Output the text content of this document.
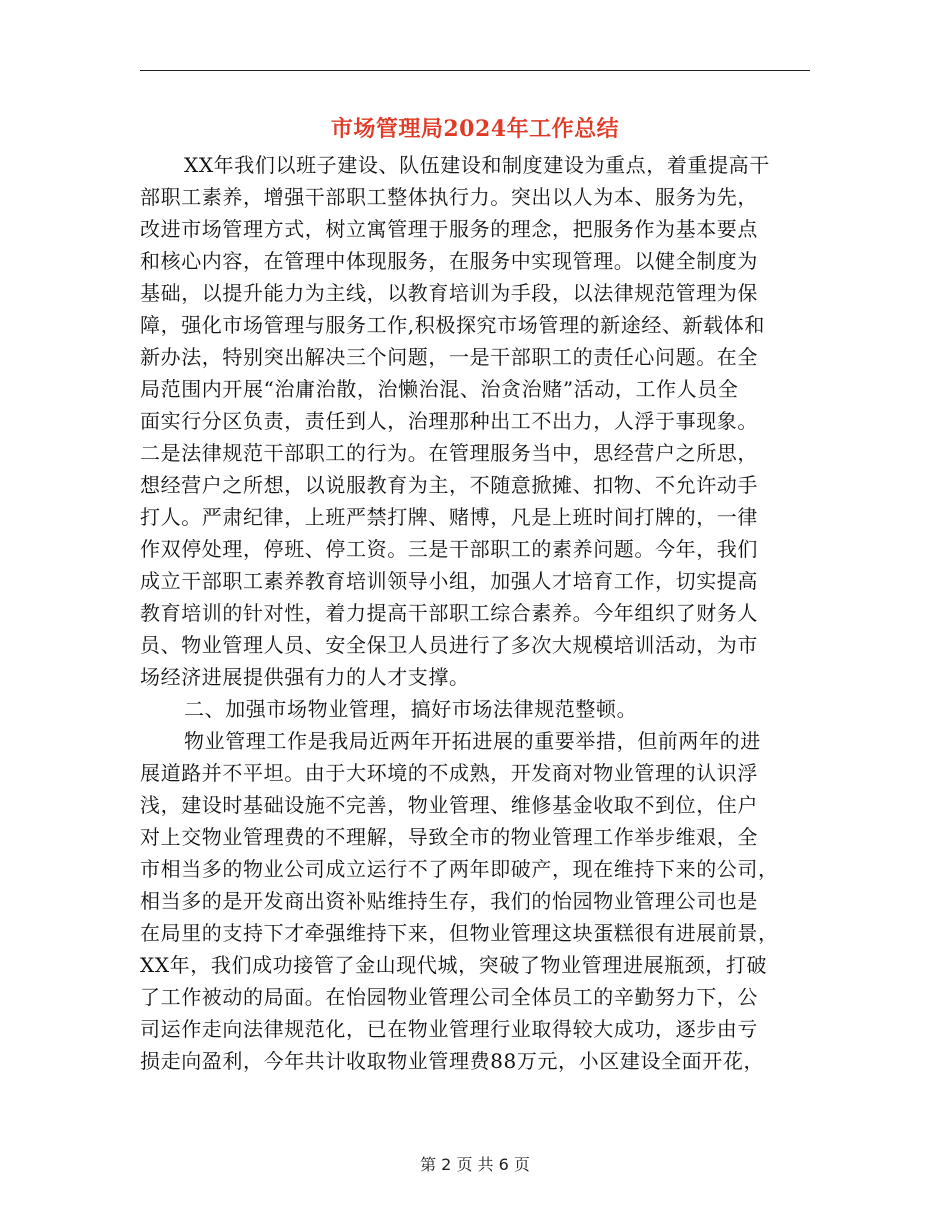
市场管理局2024年工作总结
XX年我们以班子建设、队伍建设和制度建设为重点，着重提高干
部职工素养，增强干部职工整体执行力。突出以人为本、服务为先，
改进市场管理方式，树立寓管理于服务的理念，把服务作为基本要点
和核心内容，在管理中体现服务，在服务中实现管理。以健全制度为
基础，以提升能力为主线，以教育培训为手段，以法律规范管理为保
障，强化市场管理与服务工作,积极探究市场管理的新途经、新载体和
新办法，特别突出解决三个问题，一是干部职工的责任心问题。在全
局范围内开展“治庸治散，治懒治混、治贪治赌”活动，工作人员全
面实行分区负责，责任到人，治理那种出工不出力，人浮于事现象。
二是法律规范干部职工的行为。在管理服务当中，思经营户之所思，
想经营户之所想，以说服教育为主，不随意掀摊、扣物、不允许动手
打人。严肃纪律，上班严禁打牌、赌博，凡是上班时间打牌的，一律
作双停处理，停班、停工资。三是干部职工的素养问题。今年，我们
成立干部职工素养教育培训领导小组，加强人才培育工作，切实提高
教育培训的针对性，着力提高干部职工综合素养。今年组织了财务人
员、物业管理人员、安全保卫人员进行了多次大规模培训活动，为市
场经济进展提供强有力的人才支撑。
二、加强市场物业管理，搞好市场法律规范整顿。
物业管理工作是我局近两年开拓进展的重要举措，但前两年的进
展道路并不平坦。由于大环境的不成熟，开发商对物业管理的认识浮
浅，建设时基础设施不完善，物业管理、维修基金收取不到位，住户
对上交物业管理费的不理解，导致全市的物业管理工作举步维艰，全
市相当多的物业公司成立运行不了两年即破产，现在维持下来的公司，
相当多的是开发商出资补贴维持生存，我们的怡园物业管理公司也是
在局里的支持下才牵强维持下来，但物业管理这块蛋糕很有进展前景，
XX年，我们成功接管了金山现代城，突破了物业管理进展瓶颈，打破
了工作被动的局面。在怡园物业管理公司全体员工的辛勤努力下，公
司运作走向法律规范化，已在物业管理行业取得较大成功，逐步由亏
损走向盈利，今年共计收取物业管理费88万元，小区建设全面开花，
第 2 页 共 6 页
